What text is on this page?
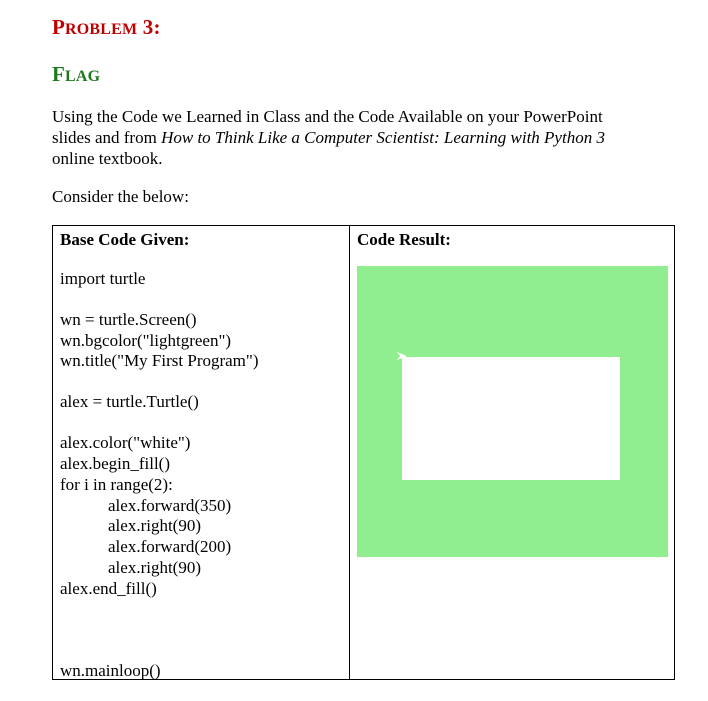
PROBLEM 3:
FLAG
Using the Code we Learned in Class and the Code Available on your PowerPoint
slides and from How to Think Like a Computer Scientist: Learning with Python 3
online textbook.
Consider the below:
Base Code Given:	Code Result:
import turtle
wn = turtle.Screen()
wn.bgcolor("lightgreen")
wn.title("My First Program")
alex = turtle.Turtle()
alex.color("white")
alex.begin_fill()
for i in range(2):
alex.forward(350)
alex.right(90)
alex.forward(200)
alex.right(90)
alex.end_fill()
wn.mainloop()
